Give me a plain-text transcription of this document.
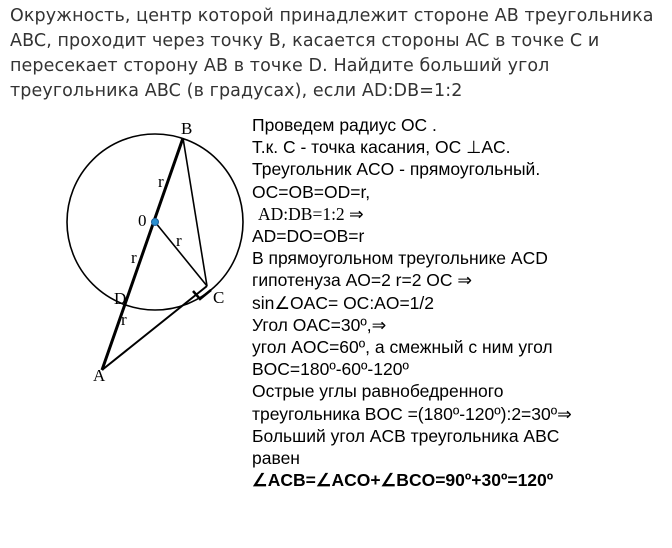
Окружность, центр которой принадлежит стороне AB треугольника ABC, проходит через точку B, касается стороны AC в точке C и пересекает сторону AB в точке D. Найдите больший угол треугольника ABC (в градусах), если AD:DB=1:2
B
A
C
D
0
r
r
r
r
Проведем радиус OC .
Т.к. C - точка касания, OC ⊥AC.
Треугольник ACO - прямоугольный.
OC=OB=OD=r,
AD:DB=1:2 ⇒
AD=DO=OB=r
В прямоугольном треугольнике ACD
гипотенуза AO=2 r=2 OC ⇒
sin∠OAC= OC:AO=1/2
Угол OAC=30º,⇒
угол AOC=60º, а смежный с ним угол
BOC=180º-60º-120º
Острые углы равнобедренного
треугольника BOC =(180º-120º):2=30º⇒
Больший угол ACB треугольника ABC
равен
∠ACB=∠ACO+∠BCO=90º+30º=120º
